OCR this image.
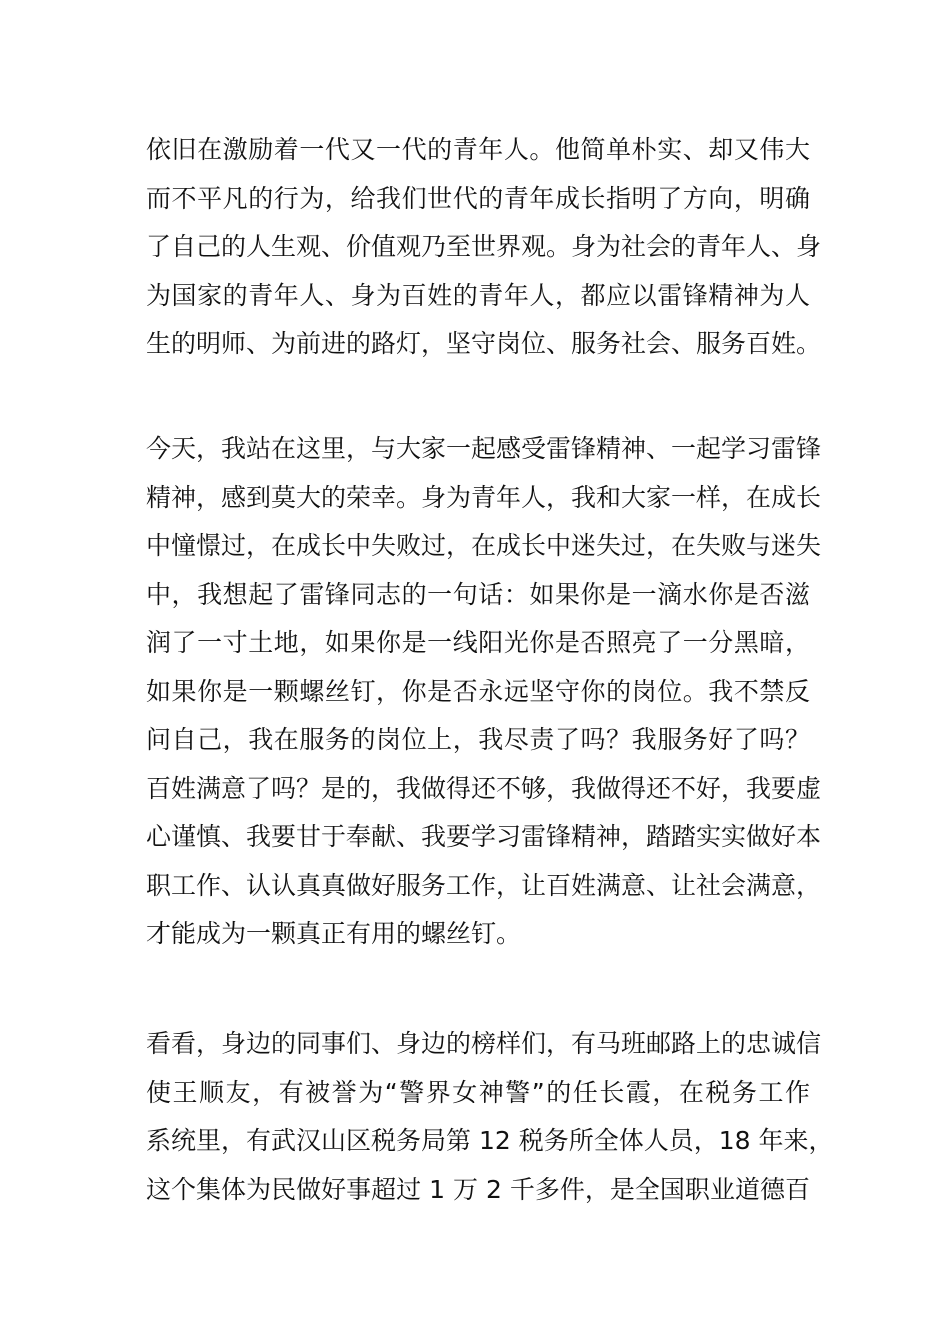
依旧在激励着一代又一代的青年人。他简单朴实、却又伟大
而不平凡的行为，给我们世代的青年成长指明了方向，明确
了自己的人生观、价值观乃至世界观。身为社会的青年人、身
为国家的青年人、身为百姓的青年人，都应以雷锋精神为人
生的明师、为前进的路灯，坚守岗位、服务社会、服务百姓。
今天，我站在这里，与大家一起感受雷锋精神、一起学习雷锋
精神，感到莫大的荣幸。身为青年人，我和大家一样，在成长
中憧憬过，在成长中失败过，在成长中迷失过，在失败与迷失
中，我想起了雷锋同志的一句话：如果你是一滴水你是否滋
润了一寸土地，如果你是一线阳光你是否照亮了一分黑暗，
如果你是一颗螺丝钉，你是否永远坚守你的岗位。我不禁反
问自己，我在服务的岗位上，我尽责了吗？我服务好了吗？
百姓满意了吗？是的，我做得还不够，我做得还不好，我要虚
心谨慎、我要甘于奉献、我要学习雷锋精神，踏踏实实做好本
职工作、认认真真做好服务工作，让百姓满意、让社会满意，
才能成为一颗真正有用的螺丝钉。
看看，身边的同事们、身边的榜样们，有马班邮路上的忠诚信
使王顺友，有被誉为“警界女神警”的任长霞，在税务工作
系统里，有武汉山区税务局第 12 税务所全体人员，18 年来，
这个集体为民做好事超过 1 万 2 千多件，是全国职业道德百
